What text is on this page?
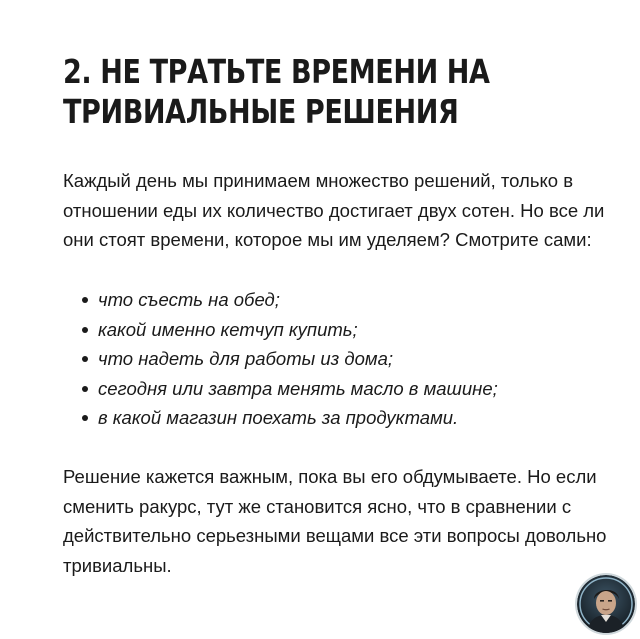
2. НЕ ТРАТЬТЕ ВРЕМЕНИ НА
ТРИВИАЛЬНЫЕ РЕШЕНИЯ

Каждый день мы принимаем множество решений, только в отношении еды их количество достигает двух сотен. Но все ли они стоят времени, которое мы им уделяем? Смотрите сами:

что съесть на обед;
какой именно кетчуп купить;
что надеть для работы из дома;
сегодня или завтра менять масло в машине;
в какой магазин поехать за продуктами.

Решение кажется важным, пока вы его обдумываете. Но если сменить ракурс, тут же становится ясно, что в сравнении с действительно серьезными вещами все эти вопросы довольно тривиальны.
